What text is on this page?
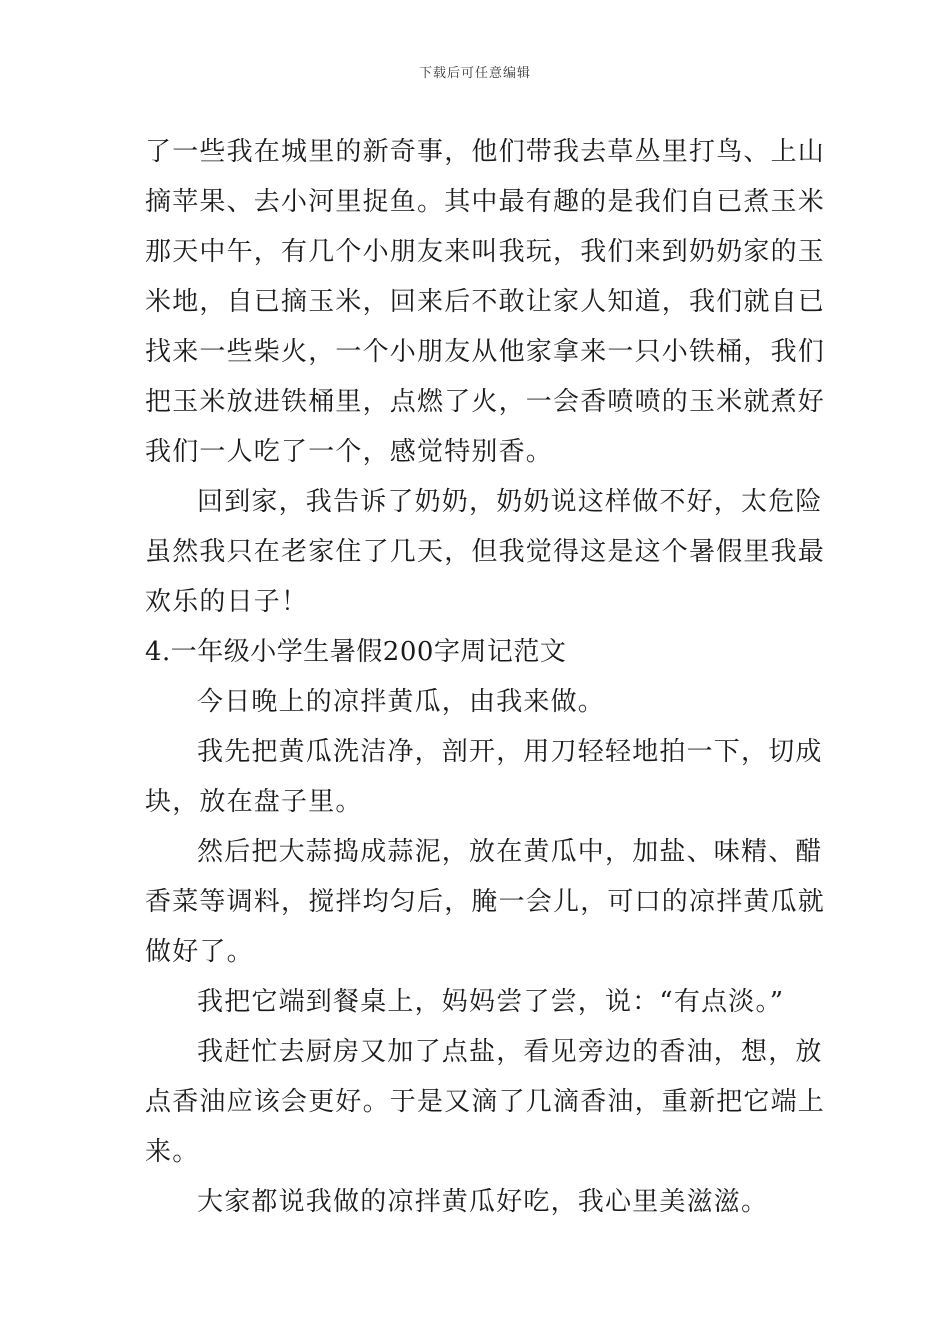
下载后可任意编辑
了一些我在城里的新奇事，他们带我去草丛里打鸟、上山
摘苹果、去小河里捉鱼。其中最有趣的是我们自已煮玉米
那天中午，有几个小朋友来叫我玩，我们来到奶奶家的玉
米地，自已摘玉米，回来后不敢让家人知道，我们就自已
找来一些柴火，一个小朋友从他家拿来一只小铁桶，我们
把玉米放进铁桶里，点燃了火，一会香喷喷的玉米就煮好
我们一人吃了一个，感觉特别香。
回到家，我告诉了奶奶，奶奶说这样做不好，太危险
虽然我只在老家住了几天，但我觉得这是这个暑假里我最
欢乐的日子！
4.一年级小学生暑假200字周记范文
今日晚上的凉拌黄瓜，由我来做。
我先把黄瓜洗洁净，剖开，用刀轻轻地拍一下，切成
块，放在盘子里。
然后把大蒜捣成蒜泥，放在黄瓜中，加盐、味精、醋
香菜等调料，搅拌均匀后，腌一会儿，可口的凉拌黄瓜就
做好了。
我把它端到餐桌上，妈妈尝了尝，说：“有点淡。”
我赶忙去厨房又加了点盐，看见旁边的香油，想，放
点香油应该会更好。于是又滴了几滴香油，重新把它端上
来。
大家都说我做的凉拌黄瓜好吃，我心里美滋滋。
